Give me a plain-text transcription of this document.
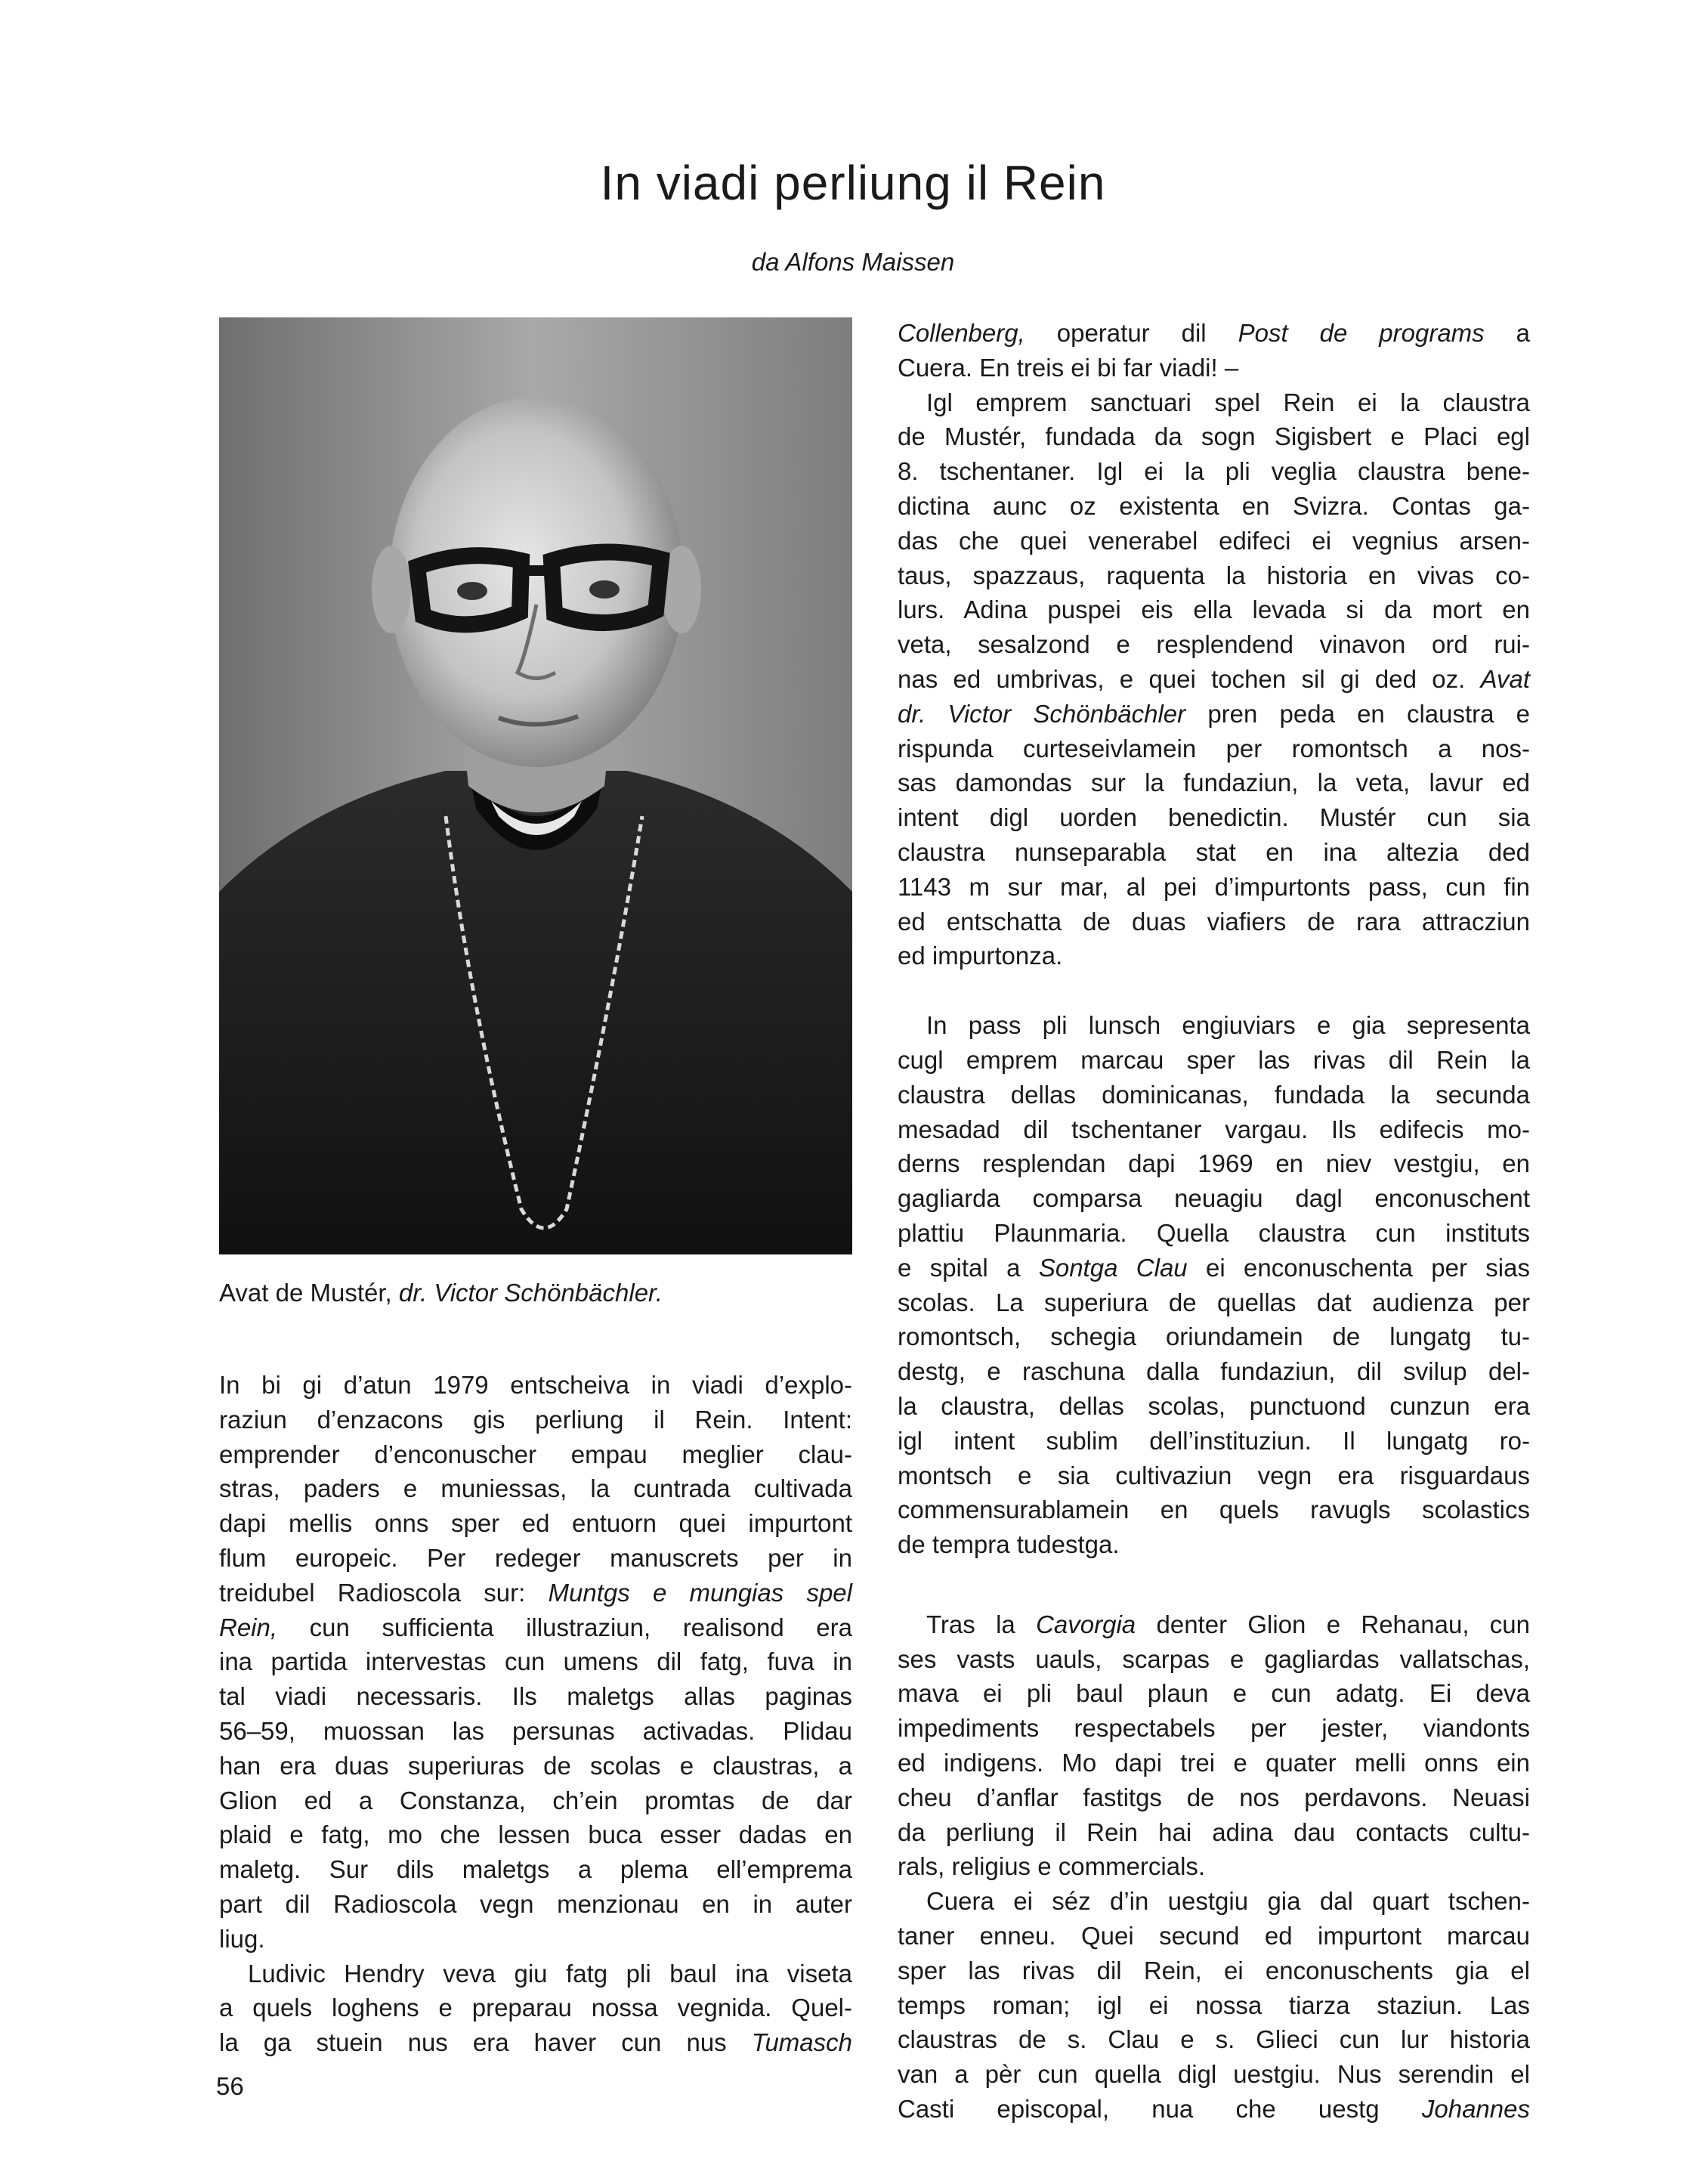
In viadi perliung il Rein

da Alfons Maissen

Avat de Mustér, dr. Victor Schönbächler.

In bi gi d’atun 1979 entscheiva in viadi d’explo-
raziun d’enzacons gis perliung il Rein. Intent:
emprender d’enconuscher empau meglier clau-
stras, paders e muniessas, la cuntrada cultivada
dapi mellis onns sper ed entuorn quei impurtont
flum europeic. Per redeger manuscrets per in
treidubel Radioscola sur: Muntgs e mungias spel
Rein, cun sufficienta illustraziun, realisond era
ina partida intervestas cun umens dil fatg, fuva in
tal viadi necessaris. Ils maletgs allas paginas
56–59, muossan las persunas activadas. Plidau
han era duas superiuras de scolas e claustras, a
Glion ed a Constanza, ch’ein promtas de dar
plaid e fatg, mo che lessen buca esser dadas en
maletg. Sur dils maletgs a plema ell’emprema
part dil Radioscola vegn menzionau en in auter
liug.
Ludivic Hendry veva giu fatg pli baul ina viseta
a quels loghens e preparau nossa vegnida. Quel-
la ga stuein nus era haver cun nus Tumasch
Collenberg, operatur dil Post de programs a
Cuera. En treis ei bi far viadi! –
Igl emprem sanctuari spel Rein ei la claustra
de Mustér, fundada da sogn Sigisbert e Placi egl
8. tschentaner. Igl ei la pli veglia claustra bene-
dictina aunc oz existenta en Svizra. Contas ga-
das che quei venerabel edifeci ei vegnius arsen-
taus, spazzaus, raquenta la historia en vivas co-
lurs. Adina puspei eis ella levada si da mort en
veta, sesalzond e resplendend vinavon ord rui-
nas ed umbrivas, e quei tochen sil gi ded oz. Avat
dr. Victor Schönbächler pren peda en claustra e
rispunda curteseivlamein per romontsch a nos-
sas damondas sur la fundaziun, la veta, lavur ed
intent digl uorden benedictin. Mustér cun sia
claustra nunseparabla stat en ina altezia ded
1143 m sur mar, al pei d’impurtonts pass, cun fin
ed entschatta de duas viafiers de rara attracziun
ed impurtonza.
In pass pli lunsch engiuviars e gia sepresenta
cugl emprem marcau sper las rivas dil Rein la
claustra dellas dominicanas, fundada la secunda
mesadad dil tschentaner vargau. Ils edifecis mo-
derns resplendan dapi 1969 en niev vestgiu, en
gagliarda comparsa neuagiu dagl enconuschent
plattiu Plaunmaria. Quella claustra cun instituts
e spital a Sontga Clau ei enconuschenta per sias
scolas. La superiura de quellas dat audienza per
romontsch, schegia oriundamein de lungatg tu-
destg, e raschuna dalla fundaziun, dil svilup del-
la claustra, dellas scolas, punctuond cunzun era
igl intent sublim dell’instituziun. Il lungatg ro-
montsch e sia cultivaziun vegn era risguardaus
commensurablamein en quels ravugls scolastics
de tempra tudestga.
Tras la Cavorgia denter Glion e Rehanau, cun
ses vasts uauls, scarpas e gagliardas vallatschas,
mava ei pli baul plaun e cun adatg. Ei deva
impediments respectabels per jester, viandonts
ed indigens. Mo dapi trei e quater melli onns ein
cheu d’anflar fastitgs de nos perdavons. Neuasi
da perliung il Rein hai adina dau contacts cultu-
rals, religius e commercials.
Cuera ei séz d’in uestgiu gia dal quart tschen-
taner enneu. Quei secund ed impurtont marcau
sper las rivas dil Rein, ei enconuschents gia el
temps roman; igl ei nossa tiarza staziun. Las
claustras de s. Clau e s. Glieci cun lur historia
van a pèr cun quella digl uestgiu. Nus serendin el
Casti episcopal, nua che uestg Johannes

56
